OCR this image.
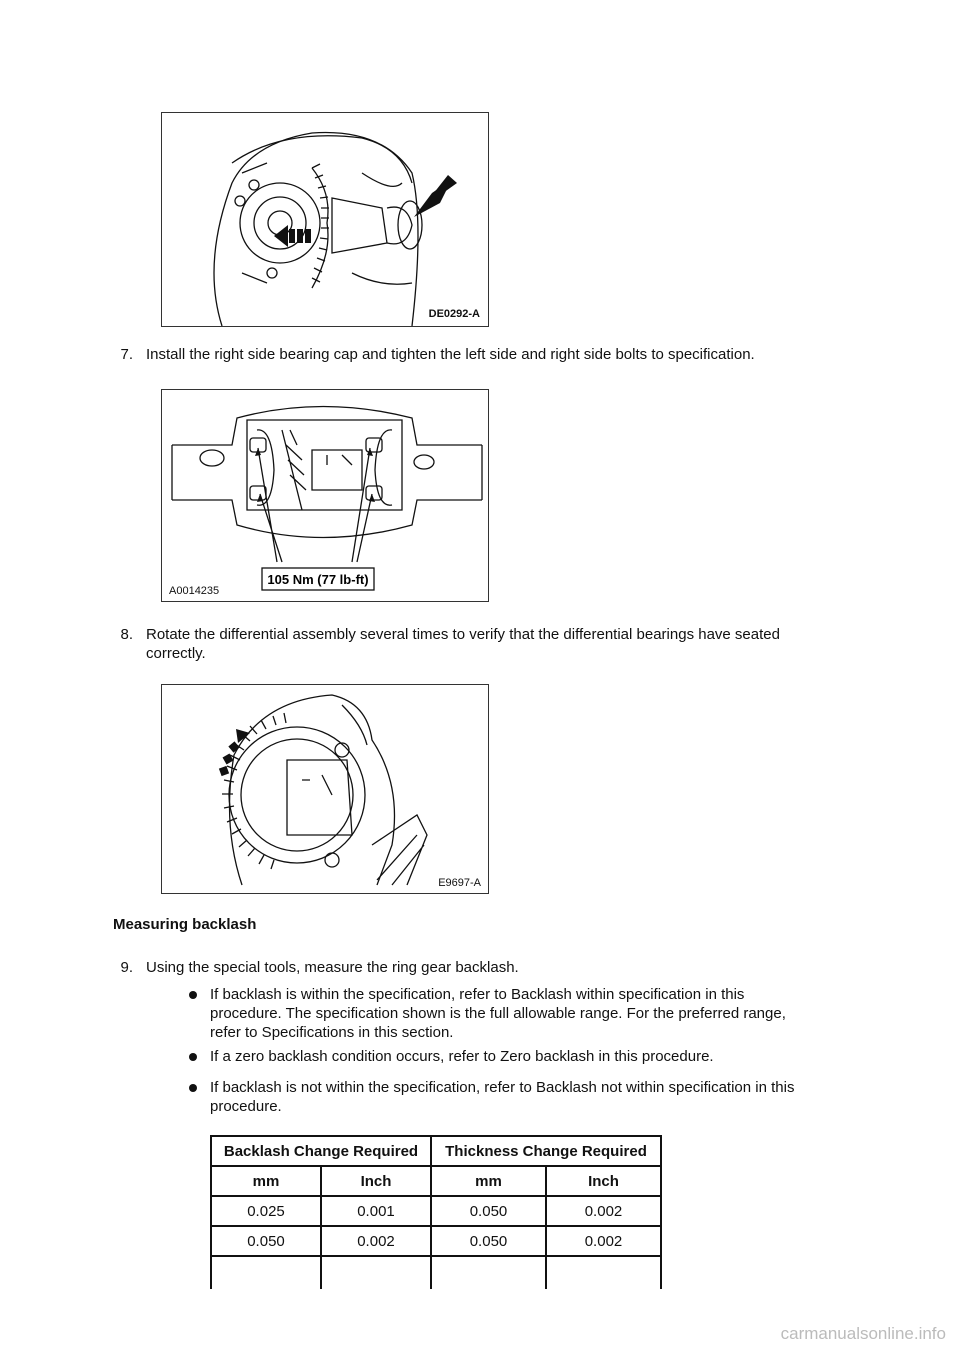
DE0292-A
7. Install the right side bearing cap and tighten the left side and right side bolts to specification.
105 Nm (77 lb-ft)
A0014235
8. Rotate the differential assembly several times to verify that the differential bearings have seated
correctly.
E9697-A
Measuring backlash
9. Using the special tools, measure the ring gear backlash.
If backlash is within the specification, refer to Backlash within specification in this
procedure. The specification shown is the full allowable range. For the preferred range,
refer to Specifications in this section.
If a zero backlash condition occurs, refer to Zero backlash in this procedure.
If backlash is not within the specification, refer to Backlash not within specification in this
procedure.
Backlash Change Required		Thickness Change Required	
mm	Inch	mm	Inch
0.025	0.001	0.050	0.002
0.050	0.002	0.050	0.002

carmanualsonline.info
